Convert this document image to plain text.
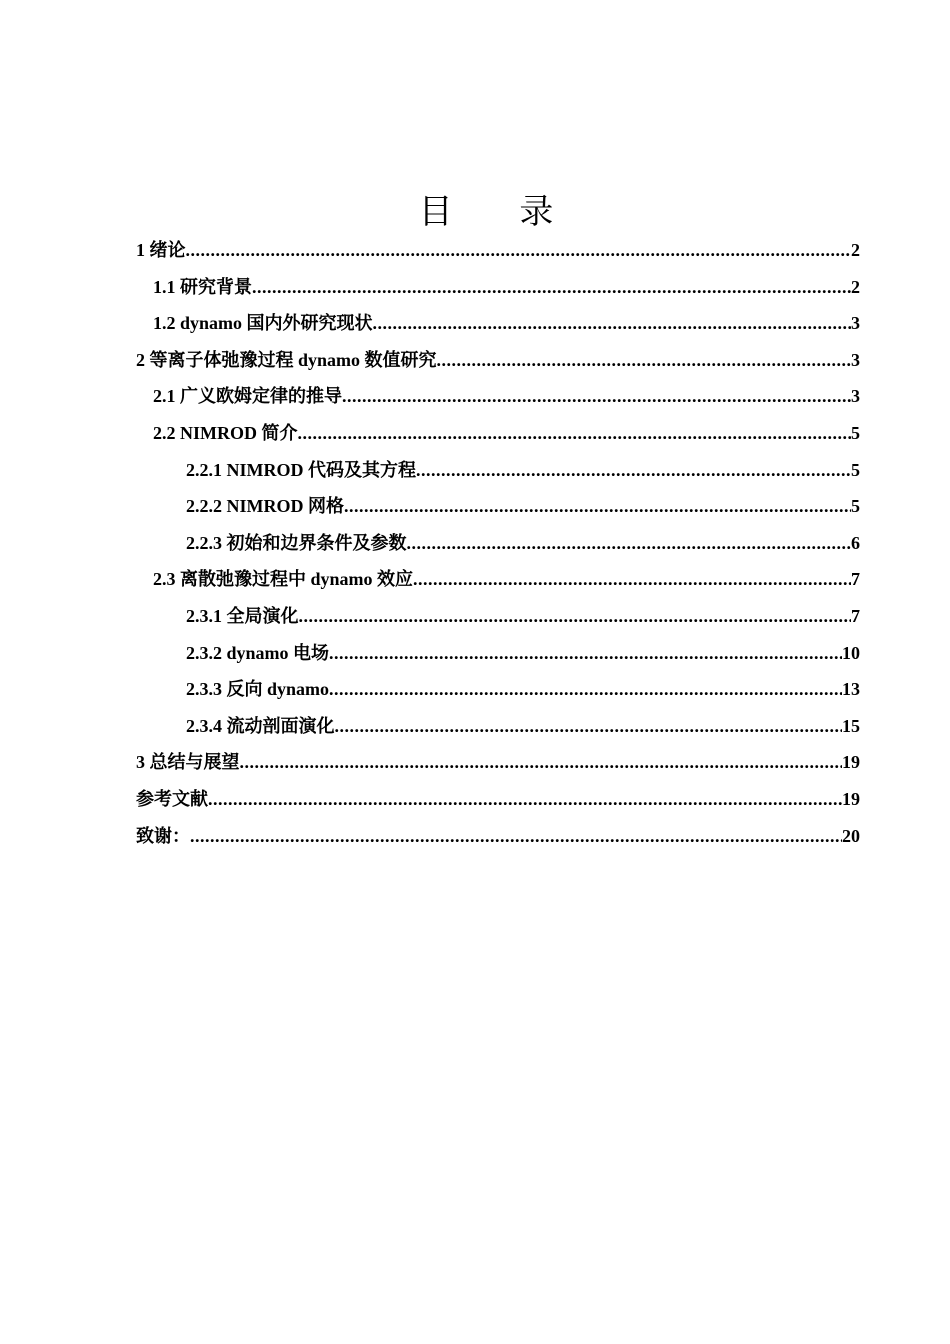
目 录
1 绪论 .....	2
1.1 研究背景 .....	2
1.2 dynamo 国内外研究现状 .....	3
2 等离子体弛豫过程 dynamo 数值研究 .....	3
2.1 广义欧姆定律的推导 .....	3
2.2 NIMROD 简介 .....	5
2.2.1 NIMROD 代码及其方程 .....	5
2.2.2 NIMROD 网格 .....	5
2.2.3 初始和边界条件及参数 .....	6
2.3 离散弛豫过程中 dynamo 效应 .....	7
2.3.1 全局演化 .....	7
2.3.2 dynamo 电场 .....	10
2.3.3 反向 dynamo .....	13
2.3.4 流动剖面演化 .....	15
3 总结与展望 .....	19
参考文献 .....	19
致谢： .....	20
